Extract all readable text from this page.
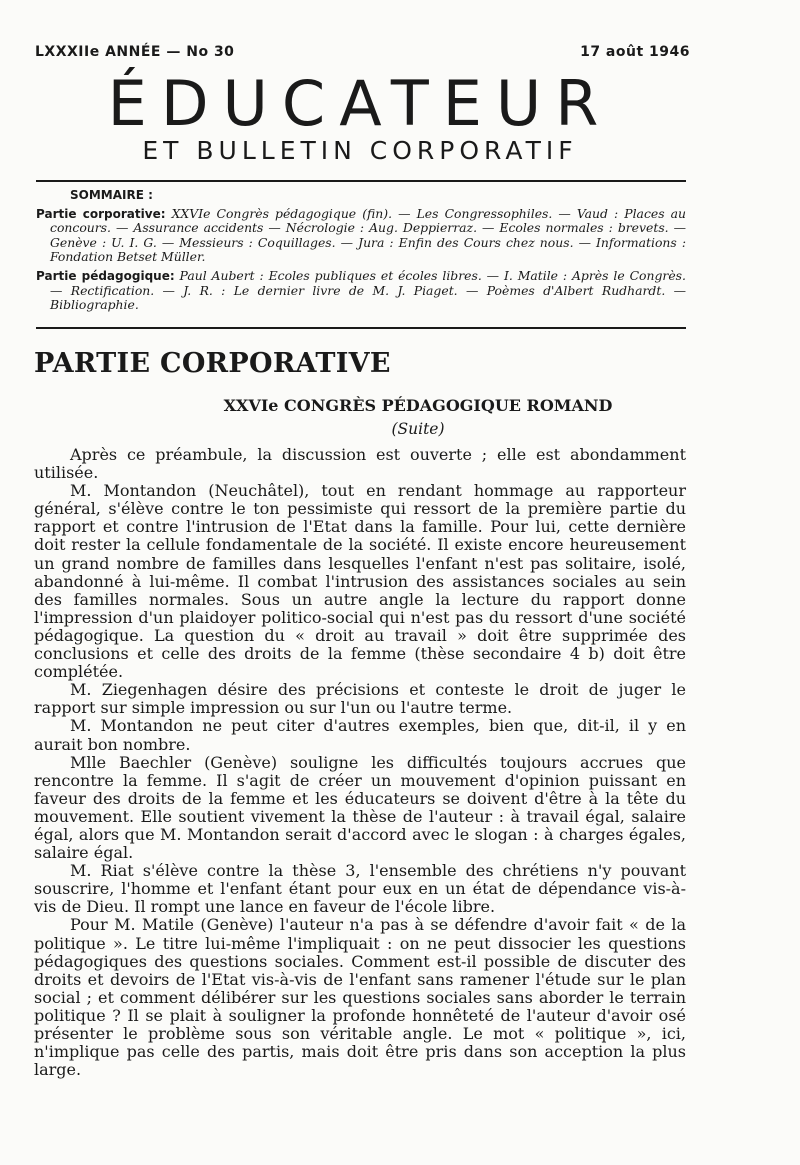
LXXXIIe ANNÉE — No 30	17 août 1946
ÉDUCATEUR
ET BULLETIN CORPORATIF
SOMMAIRE :
Partie corporative: XXVIe Congrès pédagogique (fin). — Les Congressophiles. — Vaud : Places au concours. — Assurance accidents — Nécrologie : Aug. Deppierraz. — Ecoles normales : brevets. — Genève : U. I. G. — Messieurs : Coquillages. — Jura : Enfin des Cours chez nous. — Informations : Fondation Betset Müller.
Partie pédagogique: Paul Aubert : Ecoles publiques et écoles libres. — I. Matile : Après le Congrès. — Rectification. — J. R. : Le dernier livre de M. J. Piaget. — Poèmes d'Albert Rudhardt. — Bibliographie.
PARTIE CORPORATIVE
XXVIe CONGRÈS PÉDAGOGIQUE ROMAND
(Suite)

Après ce préambule, la discussion est ouverte ; elle est abondamment utilisée.

M. Montandon (Neuchâtel), tout en rendant hommage au rapporteur général, s'élève contre le ton pessimiste qui ressort de la première partie du rapport et contre l'intrusion de l'Etat dans la famille. Pour lui, cette dernière doit rester la cellule fondamentale de la société. Il existe encore heureusement un grand nombre de familles dans lesquelles l'enfant n'est pas solitaire, isolé, abandonné à lui-même. Il combat l'intrusion des assistances sociales au sein des familles normales. Sous un autre angle la lecture du rapport donne l'impression d'un plaidoyer politico-social qui n'est pas du ressort d'une société pédagogique. La question du « droit au travail » doit être supprimée des conclusions et celle des droits de la femme (thèse secondaire 4 b) doit être complétée.

M. Ziegenhagen désire des précisions et conteste le droit de juger le rapport sur simple impression ou sur l'un ou l'autre terme.

M. Montandon ne peut citer d'autres exemples, bien que, dit-il, il y en aurait bon nombre.

Mlle Baechler (Genève) souligne les difficultés toujours accrues que rencontre la femme. Il s'agit de créer un mouvement d'opinion puissant en faveur des droits de la femme et les éducateurs se doivent d'être à la tête du mouvement. Elle soutient vivement la thèse de l'auteur : à travail égal, salaire égal, alors que M. Montandon serait d'accord avec le slogan : à charges égales, salaire égal.

M. Riat s'élève contre la thèse 3, l'ensemble des chrétiens n'y pouvant souscrire, l'homme et l'enfant étant pour eux en un état de dépendance vis-à-vis de Dieu. Il rompt une lance en faveur de l'école libre.

Pour M. Matile (Genève) l'auteur n'a pas à se défendre d'avoir fait « de la politique ». Le titre lui-même l'impliquait : on ne peut dissocier les questions pédagogiques des questions sociales. Comment est-il possible de discuter des droits et devoirs de l'Etat vis-à-vis de l'enfant sans ramener l'étude sur le plan social ; et comment délibérer sur les questions sociales sans aborder le terrain politique ? Il se plait à souligner la profonde honnêteté de l'auteur d'avoir osé présenter le problème sous son véritable angle. Le mot « politique », ici, n'implique pas celle des partis, mais doit être pris dans son acception la plus large.
